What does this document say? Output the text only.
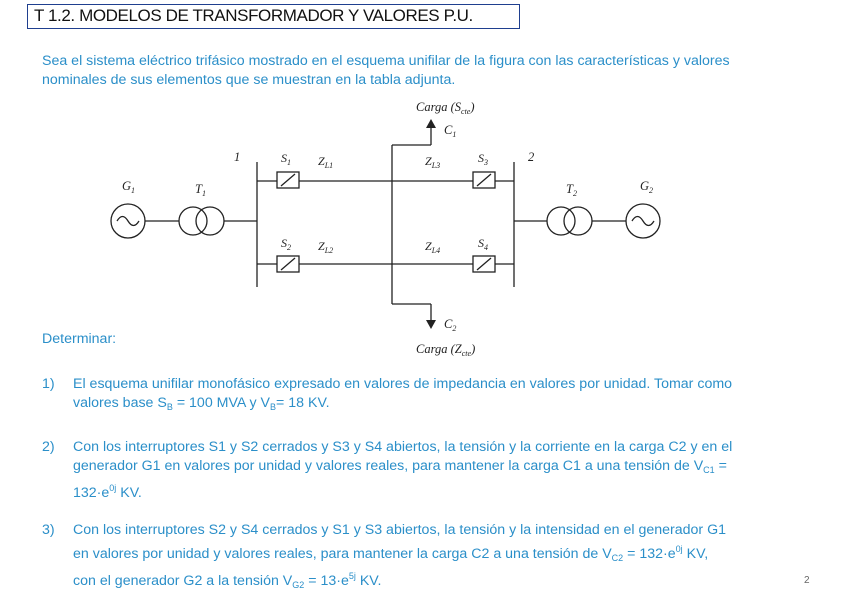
T 1.2. MODELOS DE TRANSFORMADOR Y VALORES P.U.
Sea el sistema eléctrico trifásico mostrado en el esquema unifilar de la figura con las características y valores
nominales de sus elementos que se muestran en la tabla adjunta.
Carga $(S_{cte})$
$C_1$
$C_2$
Carga $(Z_{cte})$
1	2
$G_1$	$T_1$	$T_2$
$G_2$
$S_1$ $Z_{L1}$	$Z_{L3}$
$S_3$
$S_2$ $Z_{L2}$	$Z_{L4}$
$S_4$
Determinar:
1) El esquema unifilar monofásico expresado en valores de impedancia en valores por unidad. Tomar como
valores base $S_B = 100$ MVA y $V_B= 18$ KV.
2) Con los interruptores S1 y S2 cerrados y S3 y S4 abiertos, la tensión y la corriente en la carga C2 y en el
generador G1 en valores por unidad y valores reales, para mantener la carga C1 a una tensión de $V_{C1}$ =
$132\cdot e^{0j}$ KV.
3) Con los interruptores S2 y S4 cerrados y S1 y S3 abiertos, la tensión y la intensidad en el generador G1
en valores por unidad y valores reales, para mantener la carga C2 a una tensión de $V_{C2} = 132\cdot e^{0j}$ KV,
con el generador G2 a la tensión $V_{G2} = 13\cdot e^{5j}$ KV.	2
